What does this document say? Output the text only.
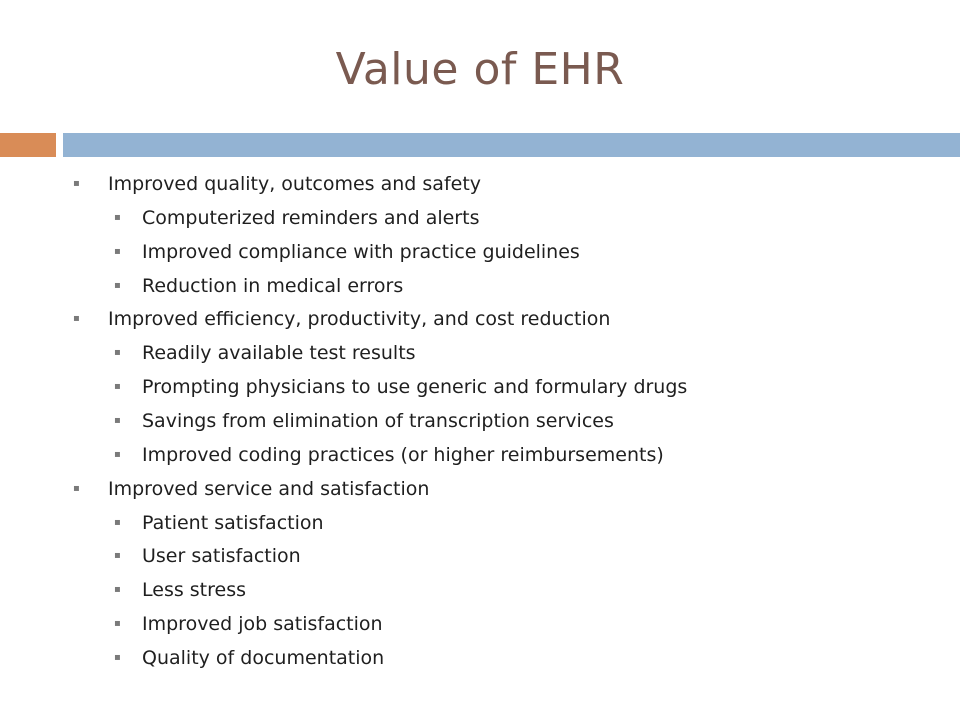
Value of EHR
▪ Improved quality, outcomes and safety
▪ Computerized reminders and alerts
▪ Improved compliance with practice guidelines
▪ Reduction in medical errors
▪ Improved efficiency, productivity, and cost reduction
▪ Readily available test results
▪ Prompting physicians to use generic and formulary drugs
▪ Savings from elimination of transcription services
▪ Improved coding practices (or higher reimbursements)
▪ Improved service and satisfaction
▪ Patient satisfaction
▪ User satisfaction
▪ Less stress
▪ Improved job satisfaction
▪ Quality of documentation
